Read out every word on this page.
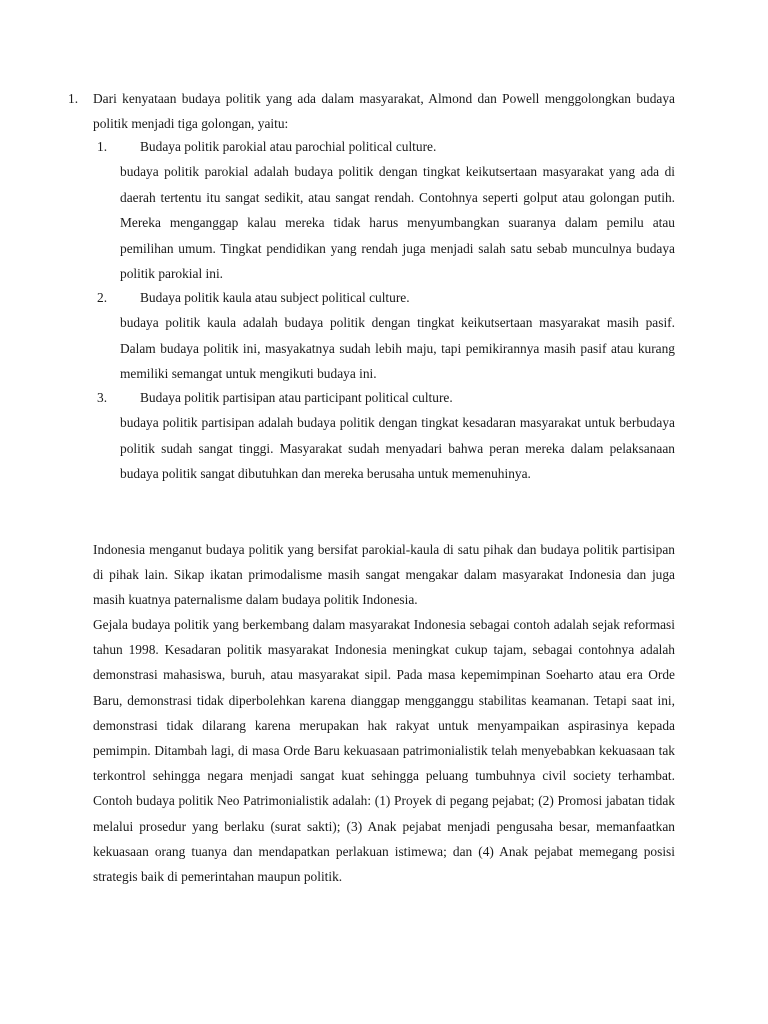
1. Dari kenyataan budaya politik yang ada dalam masyarakat, Almond dan Powell menggolongkan budaya politik menjadi tiga golongan, yaitu:
1. Budaya politik parokial atau parochial political culture.
budaya politik parokial adalah budaya politik dengan tingkat keikutsertaan masyarakat yang ada di daerah tertentu itu sangat sedikit, atau sangat rendah. Contohnya seperti golput atau golongan putih. Mereka menganggap kalau mereka tidak harus menyumbangkan suaranya dalam pemilu atau pemilihan umum. Tingkat pendidikan yang rendah juga menjadi salah satu sebab munculnya budaya politik parokial ini.
2. Budaya politik kaula atau subject political culture.
budaya politik kaula adalah budaya politik dengan tingkat keikutsertaan masyarakat masih pasif. Dalam budaya politik ini, masyakatnya sudah lebih maju, tapi pemikirannya masih pasif atau kurang memiliki semangat untuk mengikuti budaya ini.
3. Budaya politik partisipan atau participant political culture.
budaya politik partisipan adalah budaya politik dengan tingkat kesadaran masyarakat untuk berbudaya politik sudah sangat tinggi. Masyarakat sudah menyadari bahwa peran mereka dalam pelaksanaan budaya politik sangat dibutuhkan dan mereka berusaha untuk memenuhinya.
Indonesia menganut budaya politik yang bersifat parokial-kaula di satu pihak dan budaya politik partisipan di pihak lain. Sikap ikatan primodalisme masih sangat mengakar dalam masyarakat Indonesia dan juga masih kuatnya paternalisme dalam budaya politik Indonesia.
Gejala budaya politik yang berkembang dalam masyarakat Indonesia sebagai contoh adalah sejak reformasi tahun 1998. Kesadaran politik masyarakat Indonesia meningkat cukup tajam, sebagai contohnya adalah demonstrasi mahasiswa, buruh, atau masyarakat sipil. Pada masa kepemimpinan Soeharto atau era Orde Baru, demonstrasi tidak diperbolehkan karena dianggap mengganggu stabilitas keamanan. Tetapi saat ini, demonstrasi tidak dilarang karena merupakan hak rakyat untuk menyampaikan aspirasinya kepada pemimpin. Ditambah lagi, di masa Orde Baru kekuasaan patrimonialistik telah menyebabkan kekuasaan tak terkontrol sehingga negara menjadi sangat kuat sehingga peluang tumbuhnya civil society terhambat. Contoh budaya politik Neo Patrimonialistik adalah: (1) Proyek di pegang pejabat; (2) Promosi jabatan tidak melalui prosedur yang berlaku (surat sakti); (3) Anak pejabat menjadi pengusaha besar, memanfaatkan kekuasaan orang tuanya dan mendapatkan perlakuan istimewa; dan (4) Anak pejabat memegang posisi strategis baik di pemerintahan maupun politik.
